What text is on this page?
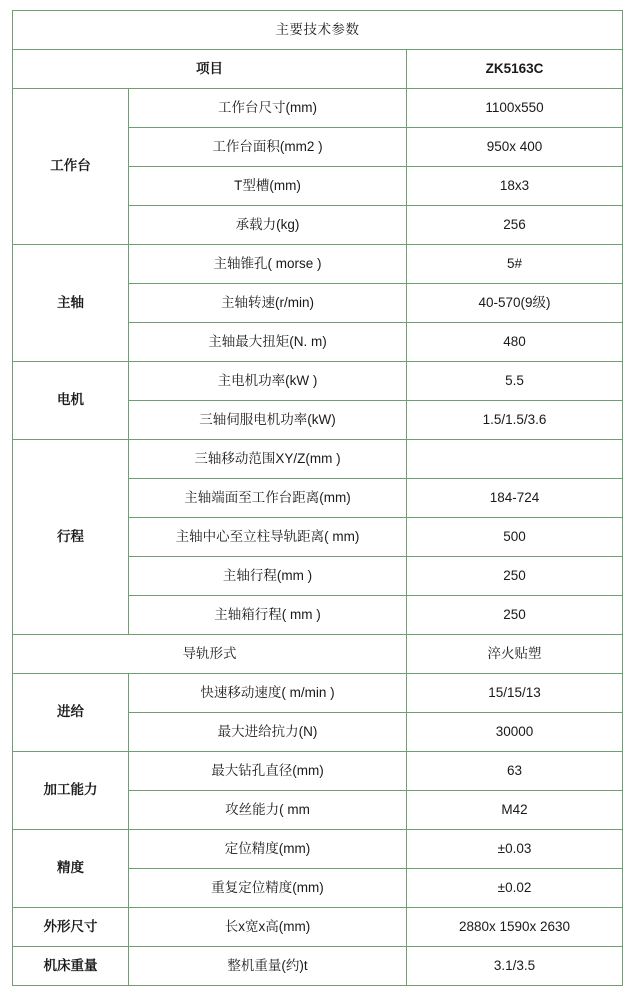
主要技术参数		
项目		ZK5163C
工作台	工作台尺寸(mm)	1100x550
	工作台面积(mm2 )	950x 400
	T型槽(mm)	18x3
	承载力(kg)	256
主轴	主轴锥孔( morse )	5#
	主轴转速(r/min)	40-570(9级)
	主轴最大扭矩(N. m)	480
电机	主电机功率(kW )	5.5
	三轴伺服电机功率(kW)	1.5/1.5/3.6
行程	三轴移动范围XY/Z(mm )	
	主轴端面至工作台距离(mm)	184-724
	主轴中心至立柱导轨距离( mm)	500
	主轴行程(mm )	250
	主轴箱行程( mm )	250
导轨形式		淬火贴塑
进给	快速移动速度( m/min )	15/15/13
	最大进给抗力(N)	30000
加工能力	最大钻孔直径(mm)	63
	攻丝能力( mm	M42
精度	定位精度(mm)	±0.03
	重复定位精度(mm)	±0.02
外形尺寸	长x宽x高(mm)	2880x 1590x 2630
机床重量	整机重量(约)t	3.1/3.5
